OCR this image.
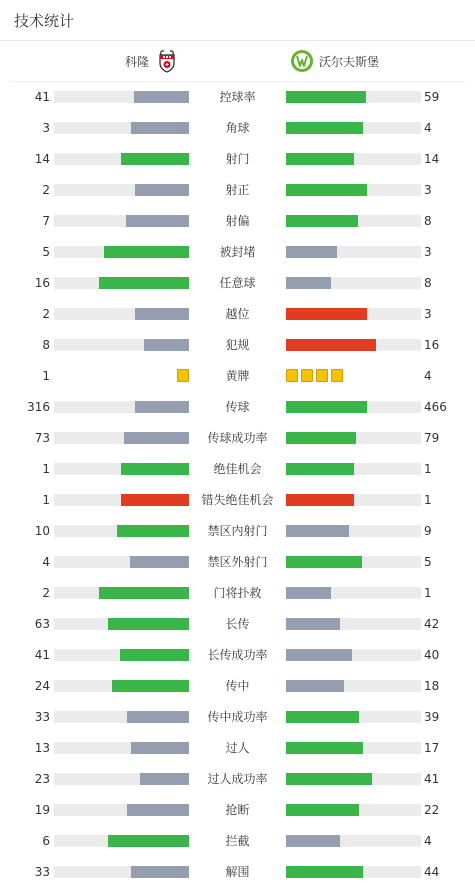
技术统计
科隆	沃尔夫斯堡
41	控球率	59
3	角球	4
14	射门	14
2	射正	3
7	射偏	8
5	被封堵	3
16	任意球	8
2	越位	3
8	犯规	16
1	黄牌	4
316	传球	466
73	传球成功率	79
1	绝佳机会	1
1	错失绝佳机会	1
10	禁区内射门	9
4	禁区外射门	5
2	门将扑救	1
63	长传	42
41	长传成功率	40
24	传中	18
33	传中成功率	39
13	过人	17
23	过人成功率	41
19	抢断	22
6	拦截	4
33	解围	44
